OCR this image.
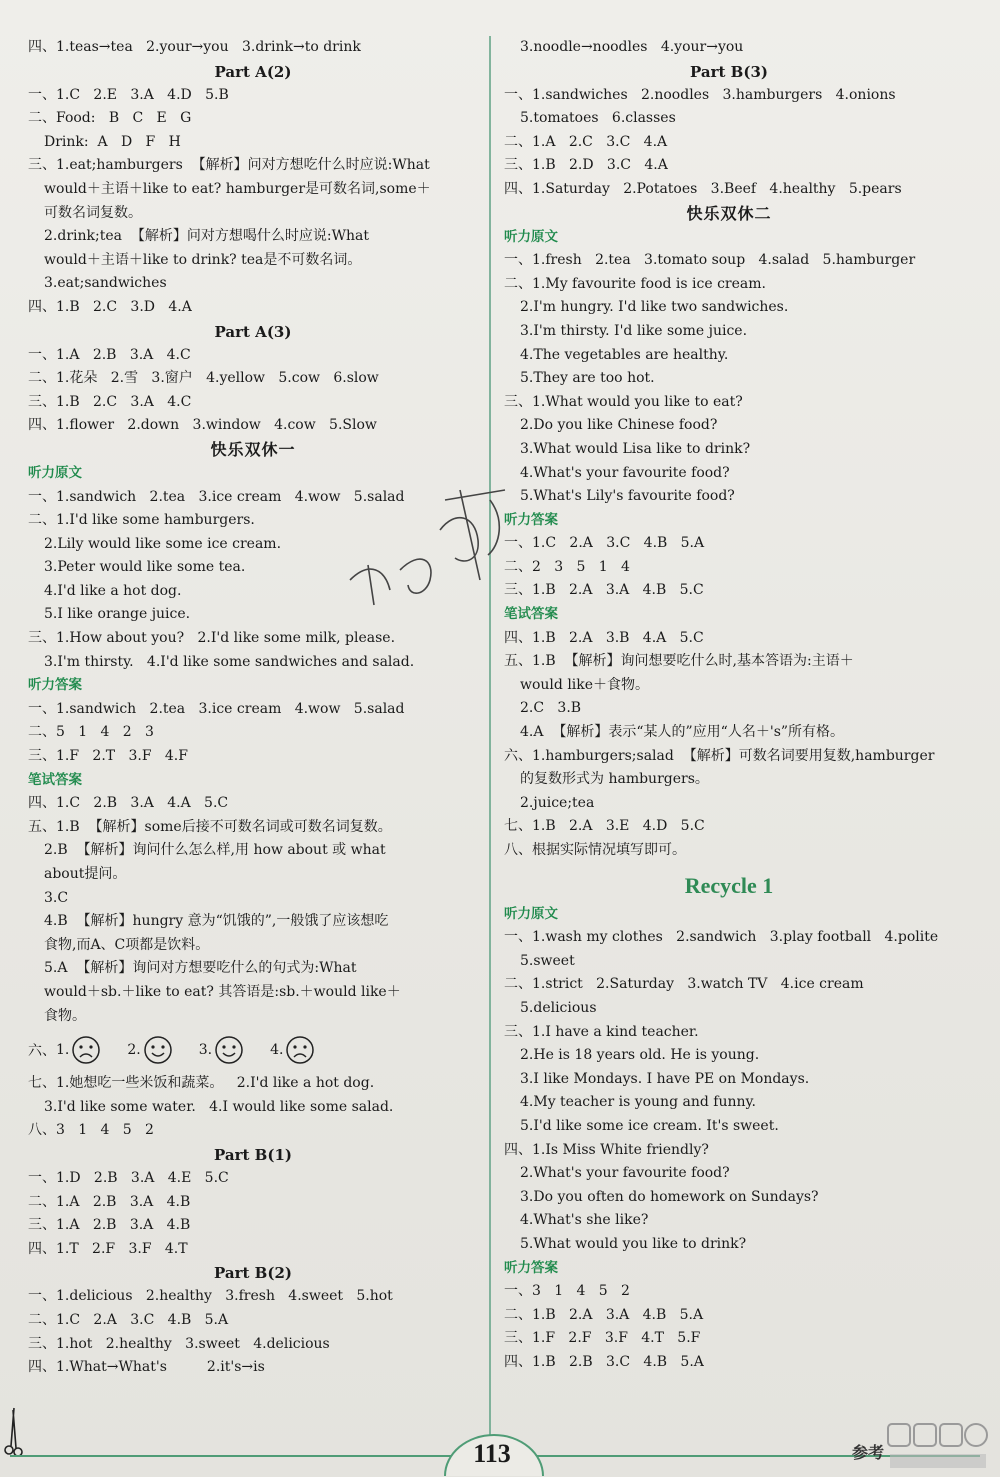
四、1.teas→tea   2.your→you   3.drink→to drink
Part A(2)
一、1.C   2.E   3.A   4.D   5.B
二、Food:   B   C   E   G
Drink:  A   D   F   H
三、1.eat;hamburgers  【解析】问对方想吃什么时应说:What
would＋主语＋like to eat? hamburger是可数名词,some＋
可数名词复数。
2.drink;tea  【解析】问对方想喝什么时应说:What
would＋主语＋like to drink? tea是不可数名词。
3.eat;sandwiches
四、1.B   2.C   3.D   4.A
Part A(3)
一、1.A   2.B   3.A   4.C
二、1.花朵   2.雪   3.窗户   4.yellow   5.cow   6.slow
三、1.B   2.C   3.A   4.C
四、1.flower   2.down   3.window   4.cow   5.Slow
快乐双休一
听力原文
一、1.sandwich   2.tea   3.ice cream   4.wow   5.salad
二、1.I'd like some hamburgers.
2.Lily would like some ice cream.
3.Peter would like some tea.
4.I'd like a hot dog.
5.I like orange juice.
三、1.How about you?   2.I'd like some milk, please.
3.I'm thirsty.   4.I'd like some sandwiches and salad.
听力答案
一、1.sandwich   2.tea   3.ice cream   4.wow   5.salad
二、5   1   4   2   3
三、1.F   2.T   3.F   4.F
笔试答案
四、1.C   2.B   3.A   4.A   5.C
五、1.B  【解析】some后接不可数名词或可数名词复数。
2.B  【解析】询问什么怎么样,用 how about 或 what
about提问。
3.C
4.B  【解析】hungry 意为“饥饿的”,一般饿了应该想吃
食物,而A、C项都是饮料。
5.A  【解析】询问对方想要吃什么的句式为:What
would＋sb.＋like to eat? 其答语是:sb.＋would like＋
食物。
六、 1.	2.	3.	4.
七、1.她想吃一些米饭和蔬菜。   2.I'd like a hot dog.
3.I'd like some water.   4.I would like some salad.
八、3   1   4   5   2
Part B(1)
一、1.D   2.B   3.A   4.E   5.C
二、1.A   2.B   3.A   4.B
三、1.A   2.B   3.A   4.B
四、1.T   2.F   3.F   4.T
Part B(2)
一、1.delicious   2.healthy   3.fresh   4.sweet   5.hot
二、1.C   2.A   3.C   4.B   5.A
三、1.hot   2.healthy   3.sweet   4.delicious
四、1.What→What's         2.it's→is
3.noodle→noodles   4.your→you
Part B(3)
一、1.sandwiches   2.noodles   3.hamburgers   4.onions
5.tomatoes   6.classes
二、1.A   2.C   3.C   4.A
三、1.B   2.D   3.C   4.A
四、1.Saturday   2.Potatoes   3.Beef   4.healthy   5.pears
快乐双休二
听力原文
一、1.fresh   2.tea   3.tomato soup   4.salad   5.hamburger
二、1.My favourite food is ice cream.
2.I'm hungry. I'd like two sandwiches.
3.I'm thirsty. I'd like some juice.
4.The vegetables are healthy.
5.They are too hot.
三、1.What would you like to eat?
2.Do you like Chinese food?
3.What would Lisa like to drink?
4.What's your favourite food?
5.What's Lily's favourite food?
听力答案
一、1.C   2.A   3.C   4.B   5.A
二、2   3   5   1   4
三、1.B   2.A   3.A   4.B   5.C
笔试答案
四、1.B   2.A   3.B   4.A   5.C
五、1.B  【解析】询问想要吃什么时,基本答语为:主语＋
would like＋食物。
2.C   3.B
4.A  【解析】表示“某人的”应用“人名＋'s”所有格。
六、1.hamburgers;salad  【解析】可数名词要用复数,hamburger
的复数形式为 hamburgers。
2.juice;tea
七、1.B   2.A   3.E   4.D   5.C
八、根据实际情况填写即可。
Recycle 1
听力原文
一、1.wash my clothes   2.sandwich   3.play football   4.polite
5.sweet
二、1.strict   2.Saturday   3.watch TV   4.ice cream
5.delicious
三、1.I have a kind teacher.
2.He is 18 years old. He is young.
3.I like Mondays. I have PE on Mondays.
4.My teacher is young and funny.
5.I'd like some ice cream. It's sweet.
四、1.Is Miss White friendly?
2.What's your favourite food?
3.Do you often do homework on Sundays?
4.What's she like?
5.What would you like to drink?
听力答案
一、3   1   4   5   2
二、1.B   2.A   3.A   4.B   5.A
三、1.F   2.F   3.F   4.T   5.F
四、1.B   2.B   3.C   4.B   5.A
113	参考
